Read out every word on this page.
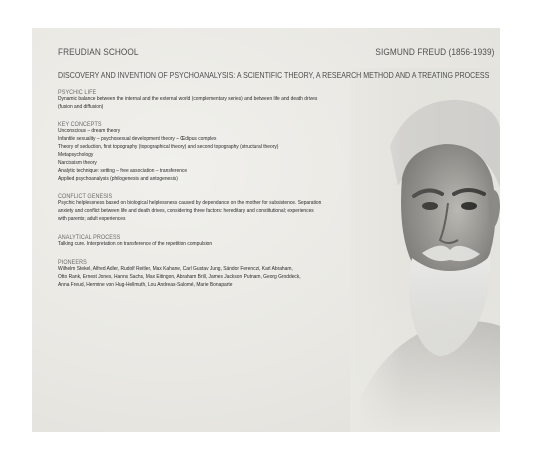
FREUDIAN SCHOOL	SIGMUND FREUD (1856-1939)
DISCOVERY AND INVENTION OF PSYCHOANALYSIS: A SCIENTIFIC THEORY, A RESEARCH METHOD AND A TREATING PROCESS
PSYCHIC LIFE
Dynamic balance between the internal and the external world (complementary series) and between life and death drives
(fusion and diffusion)
KEY CONCEPTS
Unconscious – dream theory
Infantile sexuality – psychosexual development theory – Œdipus complex
Theory of seduction, first topography (topographical theory) and second topography (structural theory)
Metapsychology
Narcissism theory
Analytic technique: setting – free association – transference
Applied psychoanalysis (philogenesis and antogenesis)
CONFLICT GENESIS
Psychic helplessness based on biological helplessness caused by dependance on the mother for subsistence. Separation
anxiety and conflict between life and death drives, considering three factors: hereditary and constitutional; experiences
with parents; adult experiences
ANALYTICAL PROCESS
Talking cure. Interpretation on transference of the repetition compulsion
PIONEERS
Wilhelm Stekel, Alfred Adler, Rudolf Reitler, Max Kahane, Carl Gustav Jung, Sándor Ferenczi, Karl Abraham,
Otto Rank, Ernest Jones, Hanns Sachs, Max Eitingon, Abraham Brill, James Jackson Putnam, Georg Groddeck,
Anna Freud, Hermine von Hug-Hellmuth, Lou Andreas-Salomé, Marie Bonaparte
